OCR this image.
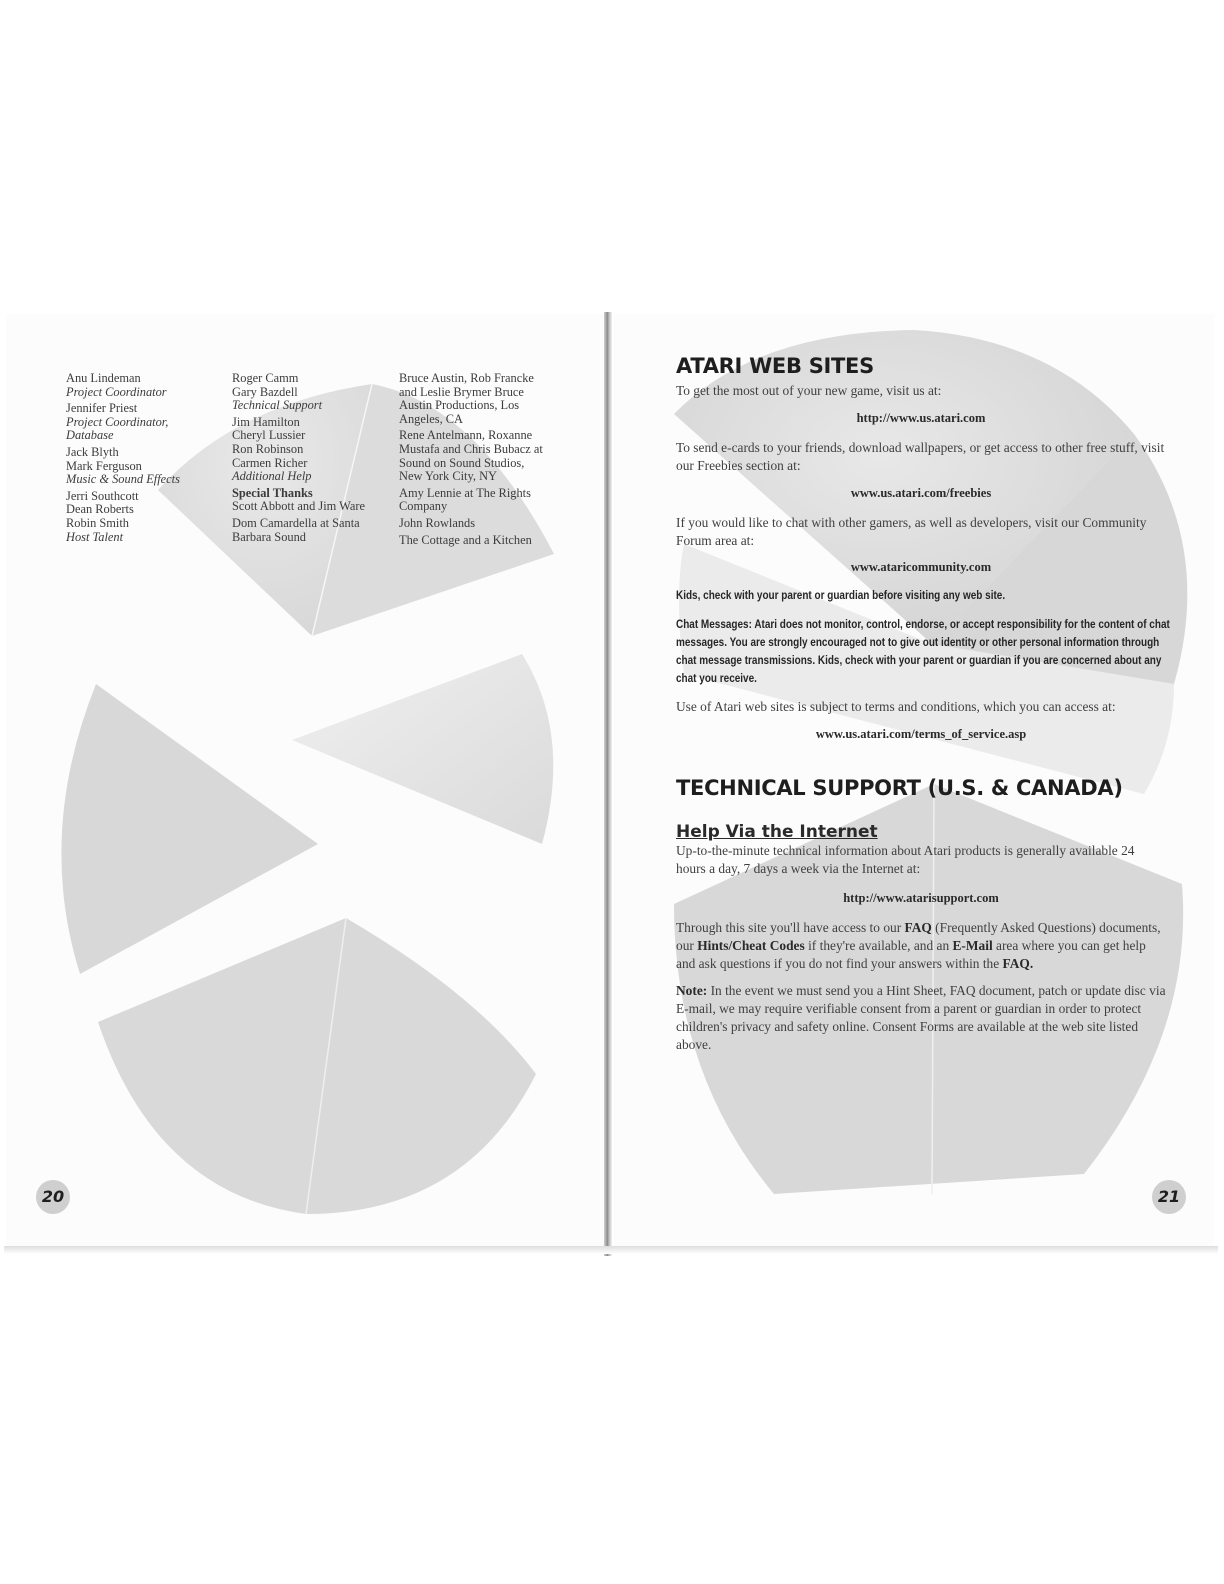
Anu Lindeman
Project Coordinator
Jennifer Priest
Project Coordinator, Database
Jack Blyth
Mark Ferguson
Music & Sound Effects
Jerri Southcott
Dean Roberts
Robin Smith
Host Talent
Roger Camm
Gary Bazdell
Technical Support
Jim Hamilton
Cheryl Lussier
Ron Robinson
Carmen Richer
Additional Help
Special Thanks
Scott Abbott and Jim Ware
Dom Camardella at Santa Barbara Sound
Bruce Austin, Rob Francke and Leslie Brymer Bruce Austin Productions, Los Angeles, CA
Rene Antelmann, Roxanne Mustafa and Chris Bubacz at Sound on Sound Studios, New York City, NY
Amy Lennie at The Rights Company
John Rowlands
The Cottage and a Kitchen
20
ATARI WEB SITES
To get the most out of your new game, visit us at:
http://www.us.atari.com
To send e-cards to your friends, download wallpapers, or get access to other free stuff, visit our Freebies section at:
www.us.atari.com/freebies
If you would like to chat with other gamers, as well as developers, visit our Community Forum area at:
www.ataricommunity.com
Kids, check with your parent or guardian before visiting any web site.
Chat Messages: Atari does not monitor, control, endorse, or accept responsibility for the content of chat messages. You are strongly encouraged not to give out identity or other personal information through chat message transmissions. Kids, check with your parent or guardian if you are concerned about any chat you receive.
Use of Atari web sites is subject to terms and conditions, which you can access at:
www.us.atari.com/terms_of_service.asp
TECHNICAL SUPPORT (U.S. & CANADA)
Help Via the Internet
Up-to-the-minute technical information about Atari products is generally available 24 hours a day, 7 days a week via the Internet at:
http://www.atarisupport.com
Through this site you'll have access to our FAQ (Frequently Asked Questions) documents, our Hints/Cheat Codes if they're available, and an E-Mail area where you can get help and ask questions if you do not find your answers within the FAQ.
Note: In the event we must send you a Hint Sheet, FAQ document, patch or update disc via E-mail, we may require verifiable consent from a parent or guardian in order to protect children's privacy and safety online. Consent Forms are available at the web site listed above.
21
